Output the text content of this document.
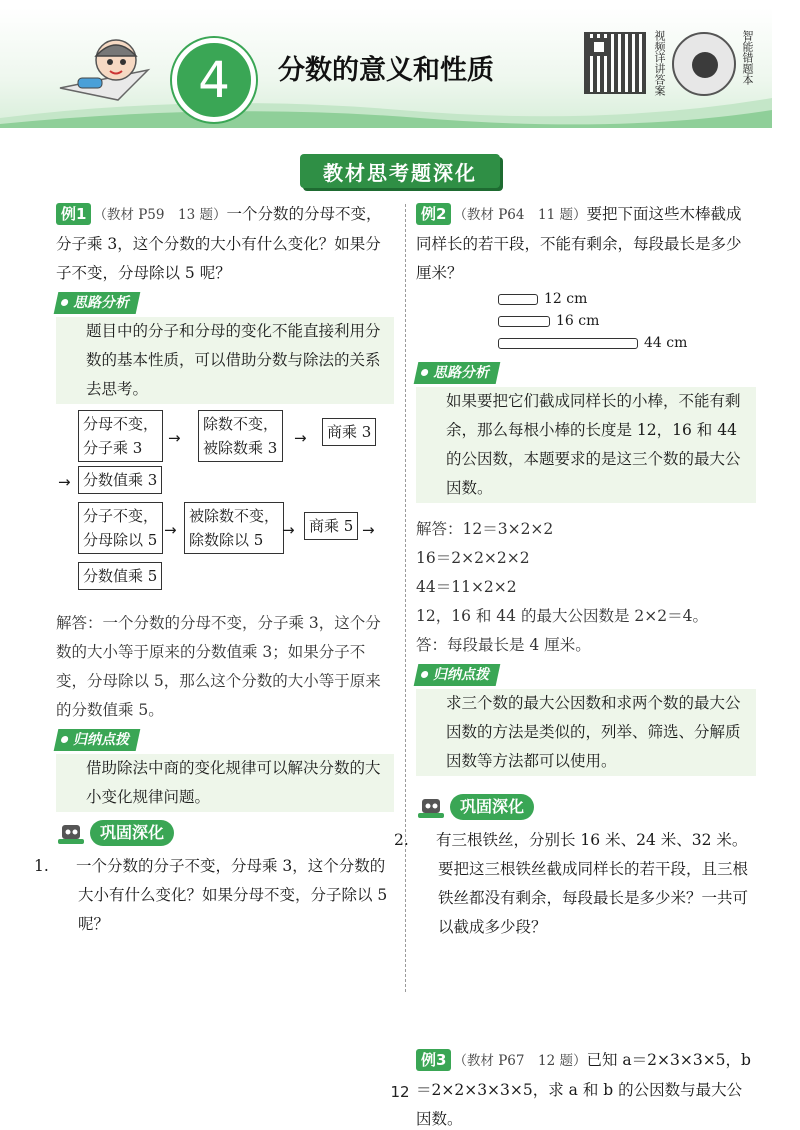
4	分数的意义和性质	视频详讲答案	智能错题本
教材思考题深化
例1 （教材 P59　13 题）一个分数的分母不变，分子乘 3，这个分数的大小有什么变化？如果分子不变，分母除以 5 呢？
思路分析
题目中的分子和分母的变化不能直接利用分数的基本性质，可以借助分数与除法的关系去思考。
分母不变，
分子乘 3
→
除数不变，
被除数乘 3
→	商乘 3
→ 分数值乘 3
分子不变，
分母除以 5
→
被除数不变，
除数除以 5
→ 商乘 5 →
分数值乘 5
解答：一个分数的分母不变，分子乘 3，这个分数的大小等于原来的分数值乘 3；如果分子不变，分母除以 5，那么这个分数的大小等于原来的分数值乘 5。
归纳点拨
借助除法中商的变化规律可以解决分数的大小变化规律问题。
巩固深化
1. 一个分数的分子不变，分母乘 3，这个分数的大小有什么变化？如果分母不变，分子除以 5 呢？
例2 （教材 P64　11 题）要把下面这些木棒截成同样长的若干段，不能有剩余，每段最长是多少厘米？
12 cm
16 cm
44 cm
思路分析
如果要把它们截成同样长的小棒，不能有剩余，那么每根小棒的长度是 12，16 和 44 的公因数，本题要求的是这三个数的最大公因数。
解答：12＝3×2×2
16＝2×2×2×2
44＝11×2×2
12，16 和 44 的最大公因数是 2×2＝4。
答：每段最长是 4 厘米。
归纳点拨
求三个数的最大公因数和求两个数的最大公因数的方法是类似的，列举、筛选、分解质因数等方法都可以使用。
巩固深化
2. 有三根铁丝，分别长 16 米、24 米、32 米。要把这三根铁丝截成同样长的若干段，且三根铁丝都没有剩余，每段最长是多少米？一共可以截成多少段？
例3 （教材 P67　12 题）已知 a＝2×3×3×5，b＝2×2×3×3×5，求 a 和 b 的公因数与最大公因数。
12
